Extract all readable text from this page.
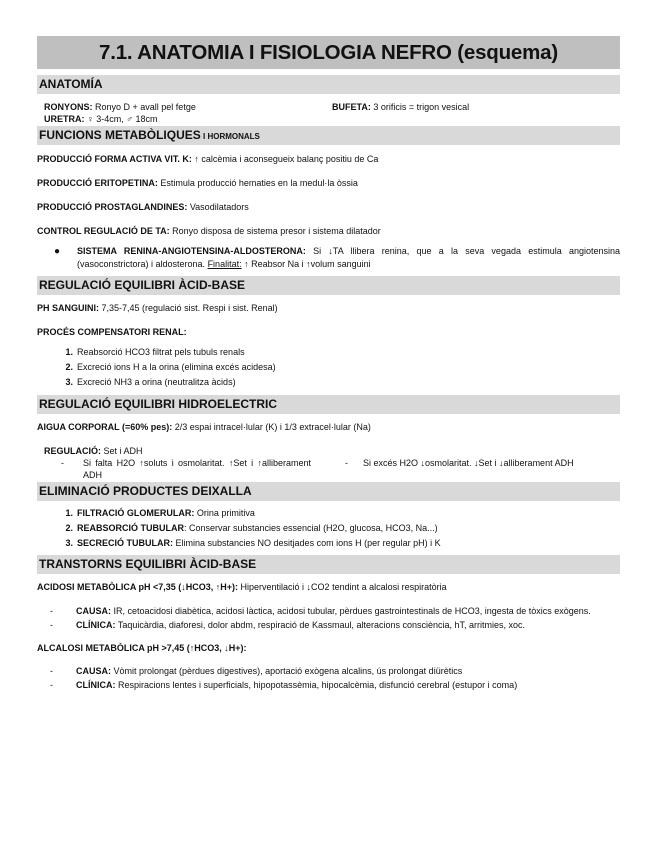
7.1. ANATOMIA I FISIOLOGIA NEFRO (esquema)
ANATOMÍA
RONYONS: Ronyo D + avall pel fetge	BUFETA: 3 orificis = trigon vesical
URETRA: ♀ 3-4cm, ♂ 18cm
FUNCIONS METABÒLIQUES I HORMONALS
PRODUCCIÓ FORMA ACTIVA VIT. K: ↑ calcèmia i aconsegueix balanç positiu de Ca
PRODUCCIÓ ERITOPETINA: Estimula producció hematies en la medul·la òssia
PRODUCCIÓ PROSTAGLANDINES: Vasodilatadors
CONTROL REGULACIÓ DE TA: Ronyo disposa de sistema presor i sistema dilatador
●	SISTEMA RENINA-ANGIOTENSINA-ALDOSTERONA: Si ↓TA llibera renina, que a la seva vegada estimula angiotensina (vasoconstrictora) i aldosterona. Finalitat: ↑ Reabsor Na i ↑volum sanguini
REGULACIÓ EQUILIBRI ÀCID-BASE
PH SANGUINI: 7,35-7,45 (regulació sist. Respi i sist. Renal)
PROCÉS COMPENSATORI RENAL:
1. Reabsorció HCO3 filtrat pels tubuls renals
2. Excreció ions H a la orina (elimina excés acidesa)
3. Excreció NH3 a orina (neutralitza àcids)
REGULACIÓ EQUILIBRI HIDROELECTRIC
AIGUA CORPORAL (=60% pes): 2/3 espai intracel·lular (K) i 1/3 extracel·lular (Na)
REGULACIÓ: Set i ADH
-	Si falta H2O ↑soluts i osmolaritat. ↑Set i ↑alliberament ADH
-	Si excés H2O ↓osmolaritat. ↓Set i ↓alliberament ADH
ELIMINACIÓ PRODUCTES DEIXALLA
1. FILTRACIÓ GLOMERULAR: Orina primitiva
2. REABSORCIÓ TUBULAR: Conservar substancies essencial (H2O, glucosa, HCO3, Na...)
3. SECRECIÓ TUBULAR: Elimina substancies NO desitjades com ions H (per regular pH) i K
TRANSTORNS EQUILIBRI ÀCID-BASE
ACIDOSI METABÒLICA pH <7,35 (↓HCO3, ↑H+): Hiperventilació i ↓CO2 tendint a alcalosi respiratòria
-	CAUSA: IR, cetoacidosi diabètica, acidosi làctica, acidosi tubular, pèrdues gastrointestinals de HCO3, ingesta de tòxics exògens.
-	CLÍNICA: Taquicàrdia, diaforesi, dolor abdm, respiració de Kassmaul, alteracions consciència, hT, arritmies, xoc.
ALCALOSI METABÒLICA pH >7,45 (↑HCO3, ↓H+):
-	CAUSA: Vòmit prolongat (pèrdues digestives), aportació exògena alcalins, ús prolongat diürètics
-	CLÍNICA: Respiracions lentes i superficials, hipopotassèmia, hipocalcèmia, disfunció cerebral (estupor i coma)
